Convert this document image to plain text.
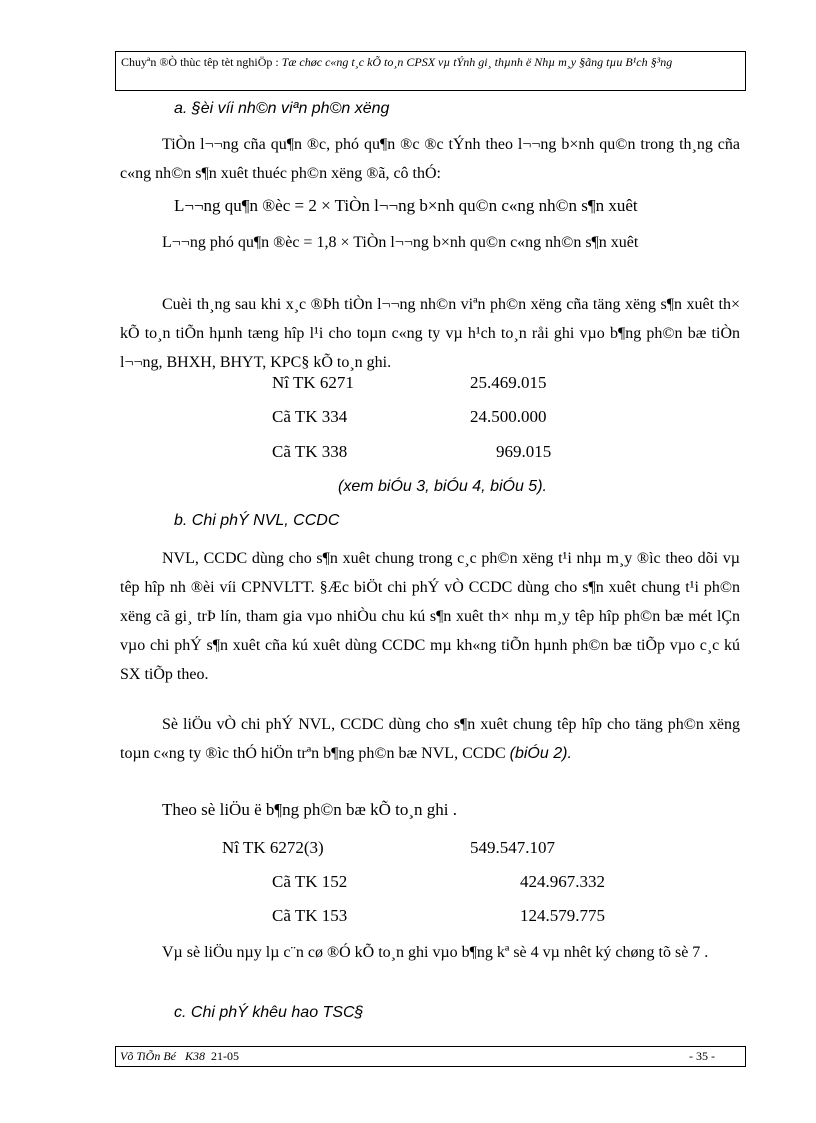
Chuyªn ®Ò thùc têp tèt nghiÖp : Tæ chøc c«ng t¸c kÕ to¸n CPSX vµ tÝnh gi¸ thµnh ë Nhµ m¸y §ãng tµu B¹ch §³ng
a. §èi víi nh©n viªn ph©n xëng

TiÒn l¬¬ng cña qu¶n ®c, phó qu¶n ®c ®c tÝnh theo l¬¬ng b×nh qu©n trong th¸ng cña c«ng nh©n s¶n xuêt thuéc ph©n xëng ®ã, cô thÓ:

L¬¬ng qu¶n ®èc = 2 × TiÒn l¬¬ng b×nh qu©n c«ng nh©n s¶n xuêt

L¬¬ng phó qu¶n ®èc = 1,8 × TiÒn l¬¬ng b×nh qu©n c«ng nh©n s¶n xuêt

Cuèi th¸ng sau khi x¸c ®Þh tiÒn l¬¬ng nh©n viªn ph©n xëng cña täng xëng s¶n xuêt th× kÕ to¸n tiÕn hµnh tæng hîp l¹i cho toµn c«ng ty vµ h¹ch to¸n råi ghi vµo b¶ng ph©n bæ tiÒn l¬¬ng, BHXH, BHYT, KPC§ kÕ to¸n ghi.

Nî TK 6271	25.469.015
Cã TK 334	24.500.000
Cã TK 338	969.015
(xem biÓu 3, biÓu 4, biÓu 5).
b. Chi phÝ NVL, CCDC

NVL, CCDC dùng cho s¶n xuêt chung trong c¸c ph©n xëng t¹i nhµ m¸y ®ìc theo dõi vµ têp hîp nh ®èi víi CPNVLTT. §Æc biÖt chi phÝ vÒ CCDC dùng cho s¶n xuêt chung t¹i ph©n xëng cã gi¸ trÞ lín, tham gia vµo nhiÒu chu kú s¶n xuêt th× nhµ m¸y têp hîp ph©n bæ mét lÇn vµo chi phÝ s¶n xuêt cña kú xuêt dùng CCDC mµ kh«ng tiÕn hµnh ph©n bæ tiÕp vµo c¸c kú SX tiÕp theo.

Sè liÖu vÒ chi phÝ NVL, CCDC dùng cho s¶n xuêt chung têp hîp cho täng ph©n xëng toµn c«ng ty ®ìc thÓ hiÖn trªn b¶ng ph©n bæ NVL, CCDC (biÓu 2).

Theo sè liÖu ë b¶ng ph©n bæ kÕ to¸n ghi .
Nî TK 6272(3)	549.547.107
Cã TK 152	424.967.332
Cã TK 153	124.579.775

Vµ sè liÖu nµy lµ c¨n cø ®Ó kÕ to¸n ghi vµo b¶ng kª sè 4 vµ nhêt ký chøng tõ sè 7 .

c. Chi phÝ khêu hao TSC§
Võ TiÕn Bé K38 21-05	- 35 -
